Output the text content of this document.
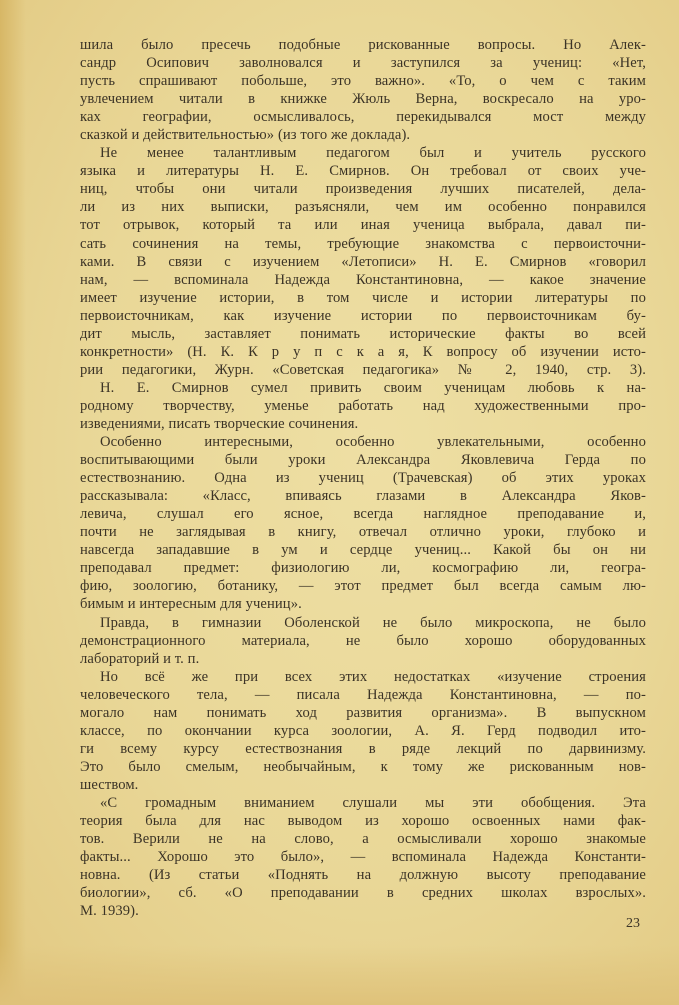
шила было пресечь подобные рискованные вопросы. Но Алек-
сандр Осипович заволновался и заступился за учениц: «Нет,
пусть спрашивают побольше, это важно». «То, о чем с таким
увлечением читали в книжке Жюль Верна, воскресало на уро-
ках географии, осмысливалось, перекидывался мост между
сказкой и действительностью» (из того же доклада).
Не менее талантливым педагогом был и учитель русского
языка и литературы Н. Е. Смирнов. Он требовал от своих уче-
ниц, чтобы они читали произведения лучших писателей, дела-
ли из них выписки, разъясняли, чем им особенно понравился
тот отрывок, который та или иная ученица выбрала, давал пи-
сать сочинения на темы, требующие знакомства с первоисточни-
ками. В связи с изучением «Летописи» Н. Е. Смирнов «говорил
нам, — вспоминала Надежда Константиновна, — какое значение
имеет изучение истории, в том числе и истории литературы по
первоисточникам, как изучение истории по первоисточникам бу-
дит мысль, заставляет понимать исторические факты во всей
конкретности» (Н. К. К р у п с к а я, К вопросу об изучении исто-
рии педагогики, Журн. «Советская педагогика» № 2, 1940, стр. 3).
Н. Е. Смирнов сумел привить своим ученицам любовь к на-
родному творчеству, уменье работать над художественными про-
изведениями, писать творческие сочинения.
Особенно интересными, особенно увлекательными, особенно
воспитывающими были уроки Александра Яковлевича Герда по
естествознанию. Одна из учениц (Трачевская) об этих уроках
рассказывала: «Класс, впиваясь глазами в Александра Яков-
левича, слушал его ясное, всегда наглядное преподавание и,
почти не заглядывая в книгу, отвечал отлично уроки, глубоко и
навсегда западавшие в ум и сердце учениц... Какой бы он ни
преподавал предмет: физиологию ли, космографию ли, геогра-
фию, зоологию, ботанику, — этот предмет был всегда самым лю-
бимым и интересным для учениц».
Правда, в гимназии Оболенской не было микроскопа, не было
демонстрационного материала, не было хорошо оборудованных
лабораторий и т. п.
Но всё же при всех этих недостатках «изучение строения
человеческого тела, — писала Надежда Константиновна, — по-
могало нам понимать ход развития организма». В выпускном
классе, по окончании курса зоологии, А. Я. Герд подводил ито-
ги всему курсу естествознания в ряде лекций по дарвинизму.
Это было смелым, необычайным, к тому же рискованным нов-
шеством.
«С громадным вниманием слушали мы эти обобщения. Эта
теория была для нас выводом из хорошо освоенных нами фак-
тов. Верили не на слово, а осмысливали хорошо знакомые
факты... Хорошо это было», — вспоминала Надежда Константи-
новна. (Из статьи «Поднять на должную высоту преподавание
биологии», сб. «О преподавании в средних школах взрослых».
М. 1939).
23
